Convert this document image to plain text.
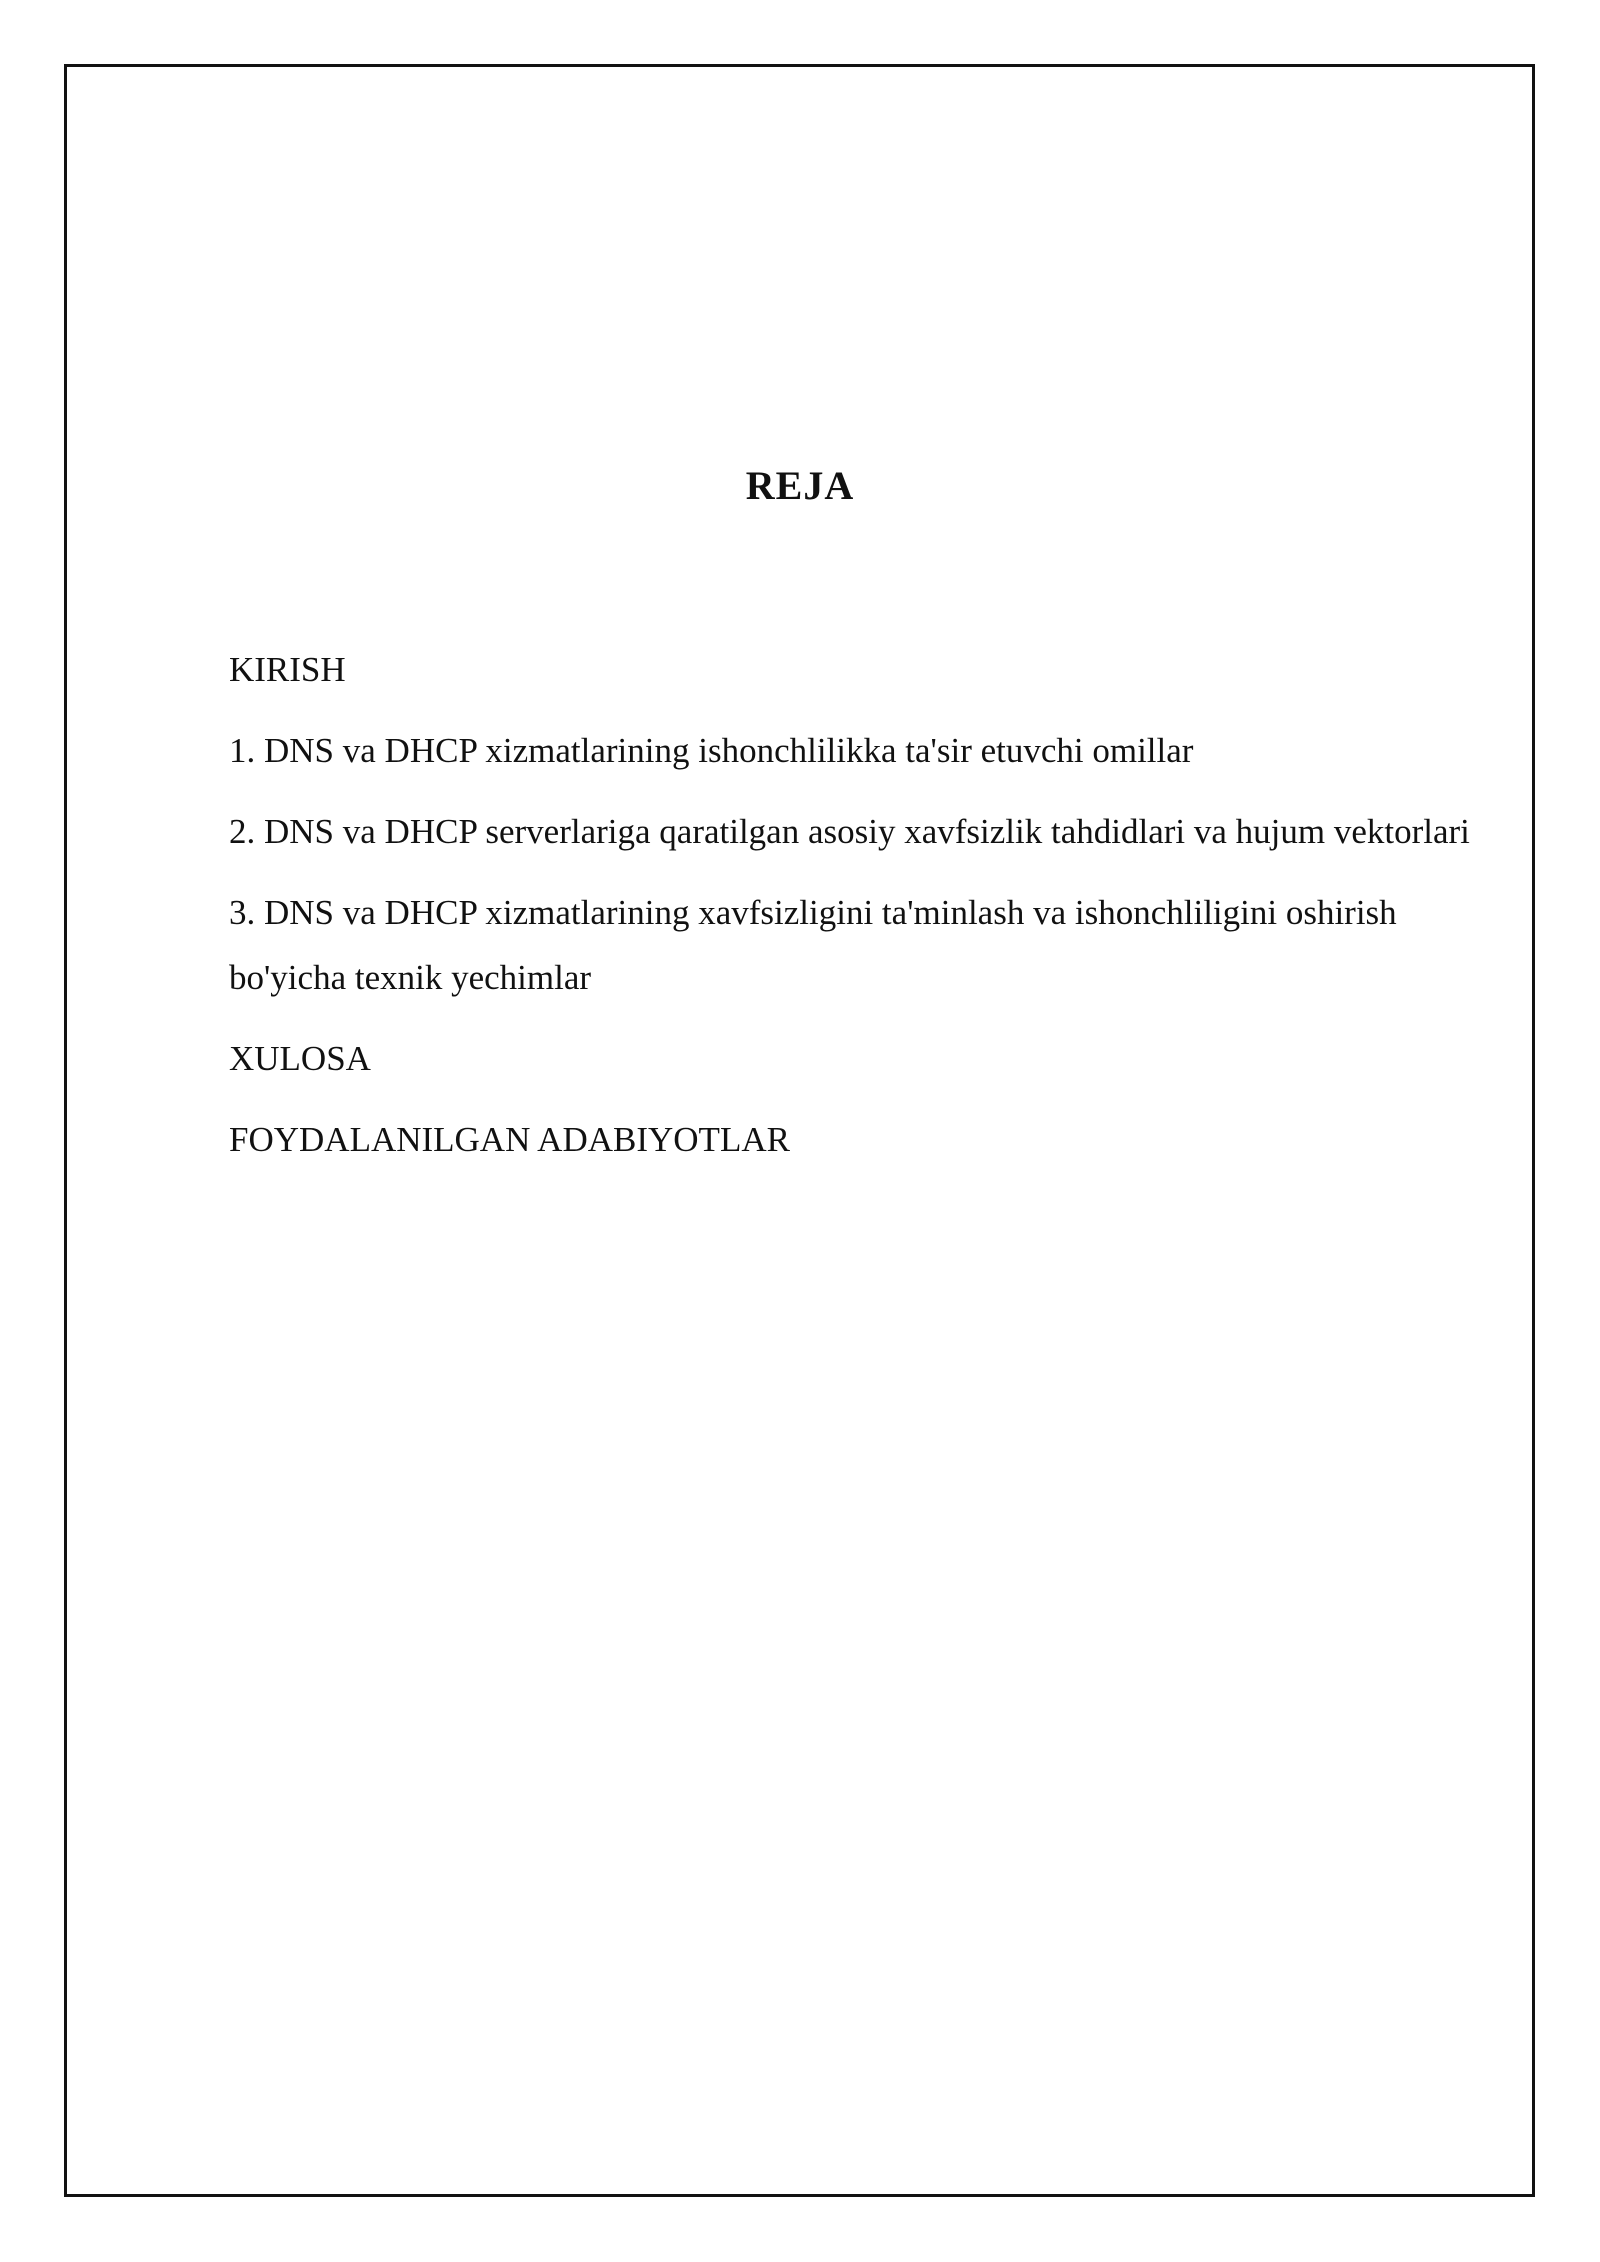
REJA
KIRISH
1. DNS va DHCP xizmatlarining ishonchlilikka ta'sir etuvchi omillar
2. DNS va DHCP serverlariga qaratilgan asosiy xavfsizlik tahdidlari va hujum vektorlari
3. DNS va DHCP xizmatlarining xavfsizligini ta'minlash va ishonchliligini oshirish bo'yicha texnik yechimlar
XULOSA
FOYDALANILGAN ADABIYOTLAR
